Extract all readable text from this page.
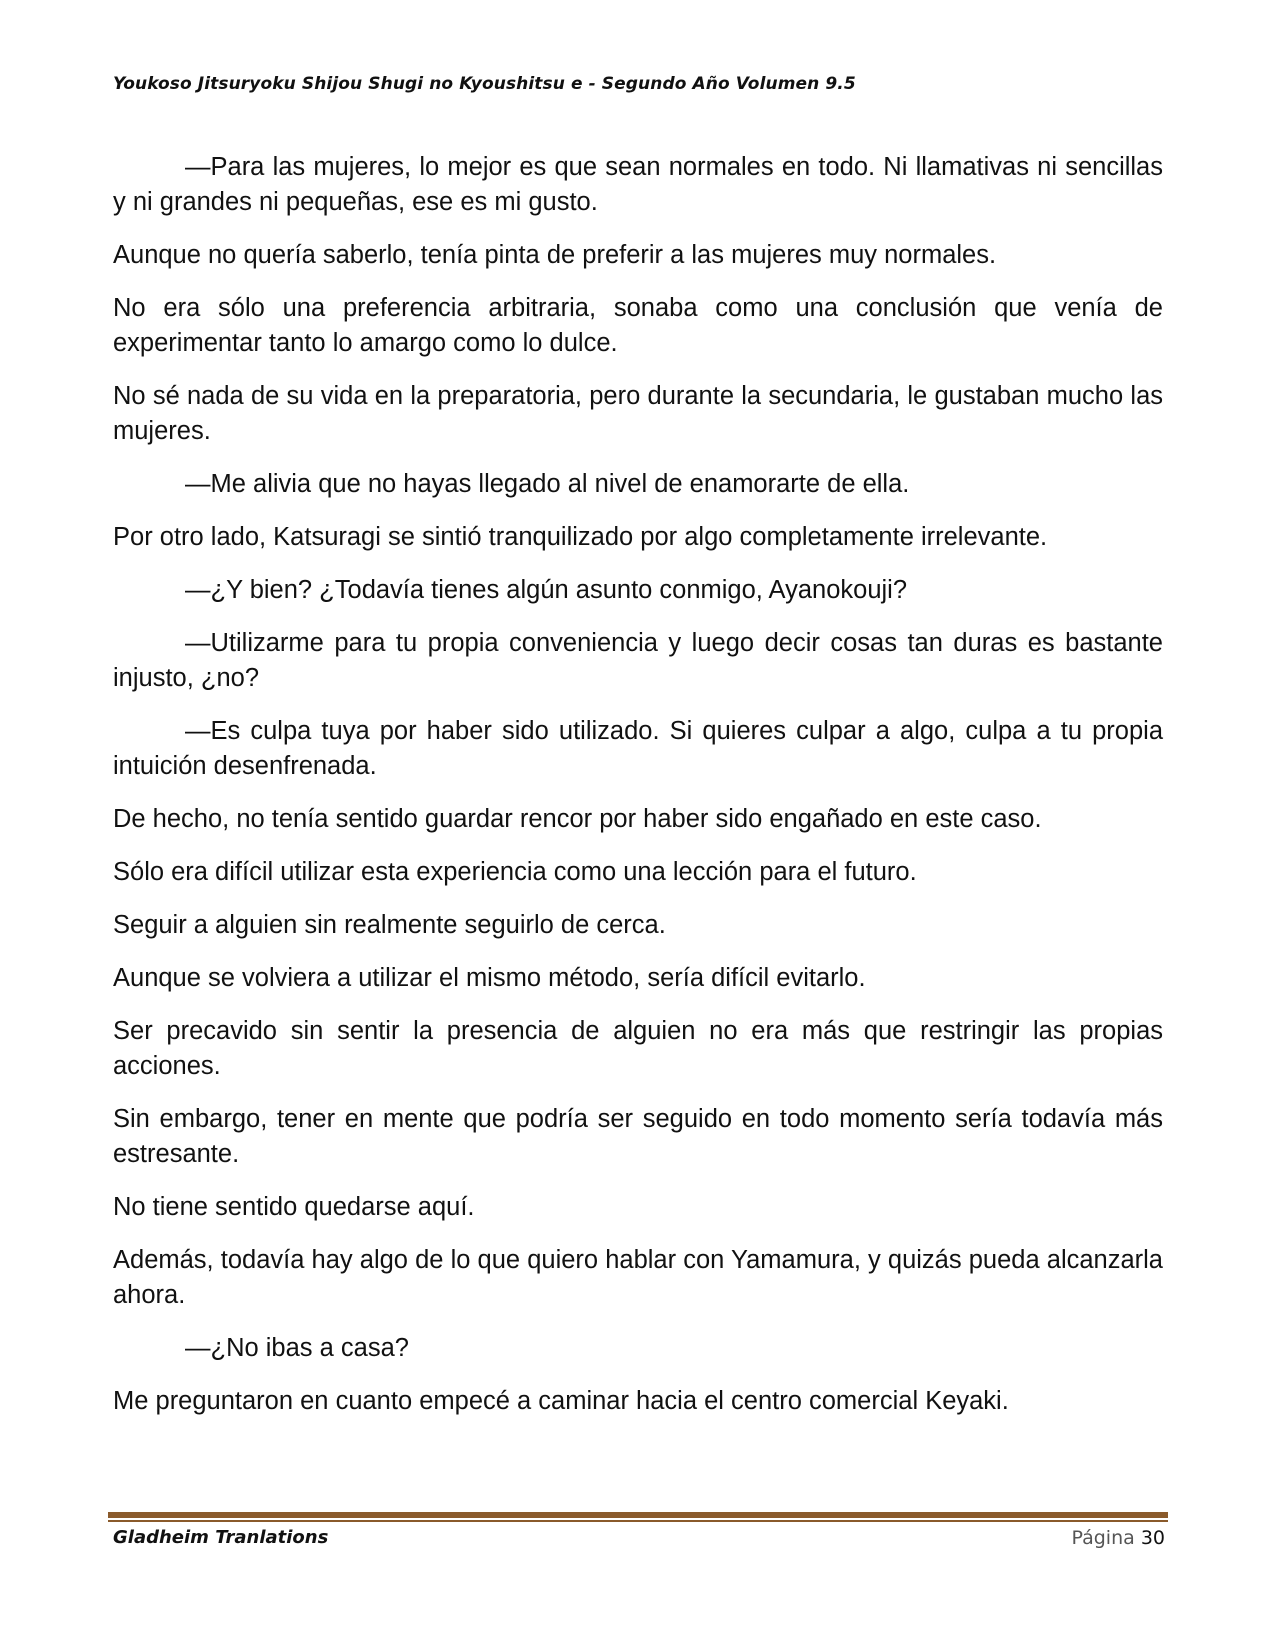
Youkoso Jitsuryoku Shijou Shugi no Kyoushitsu e - Segundo Año Volumen 9.5

—Para las mujeres, lo mejor es que sean normales en todo. Ni llamativas ni sencillas y ni grandes ni pequeñas, ese es mi gusto.

Aunque no quería saberlo, tenía pinta de preferir a las mujeres muy normales.

No era sólo una preferencia arbitraria, sonaba como una conclusión que venía de experimentar tanto lo amargo como lo dulce.

No sé nada de su vida en la preparatoria, pero durante la secundaria, le gustaban mucho las mujeres.

—Me alivia que no hayas llegado al nivel de enamorarte de ella.

Por otro lado, Katsuragi se sintió tranquilizado por algo completamente irrelevante.

—¿Y bien? ¿Todavía tienes algún asunto conmigo, Ayanokouji?

—Utilizarme para tu propia conveniencia y luego decir cosas tan duras es bastante injusto, ¿no?

—Es culpa tuya por haber sido utilizado. Si quieres culpar a algo, culpa a tu propia intuición desenfrenada.

De hecho, no tenía sentido guardar rencor por haber sido engañado en este caso.

Sólo era difícil utilizar esta experiencia como una lección para el futuro.

Seguir a alguien sin realmente seguirlo de cerca.

Aunque se volviera a utilizar el mismo método, sería difícil evitarlo.

Ser precavido sin sentir la presencia de alguien no era más que restringir las propias acciones.

Sin embargo, tener en mente que podría ser seguido en todo momento sería todavía más estresante.

No tiene sentido quedarse aquí.

Además, todavía hay algo de lo que quiero hablar con Yamamura, y quizás pueda alcanzarla ahora.

—¿No ibas a casa?

Me preguntaron en cuanto empecé a caminar hacia el centro comercial Keyaki.

Gladheim Tranlations	Página 30
